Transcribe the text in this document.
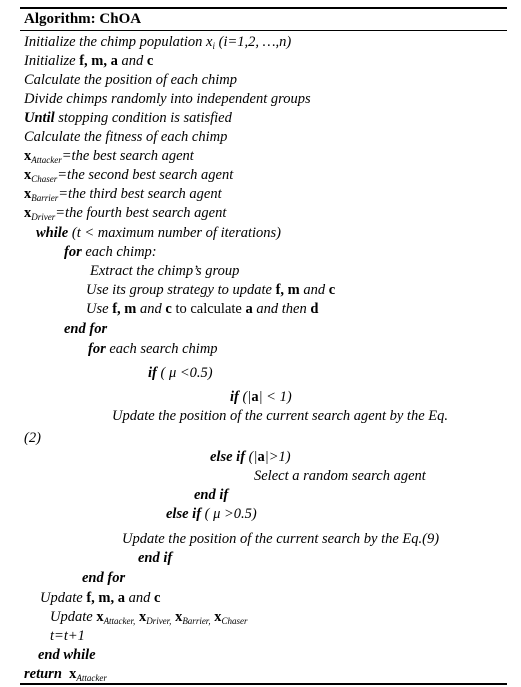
Algorithm: ChOA
Initialize the chimp population $x_i$ (i=1,2, …,n)
Initialize f, m, a and c
Calculate the position of each chimp
Divide chimps randomly into independent groups
Until stopping condition is satisfied
Calculate the fitness of each chimp
$x_{Attacker}=the$ best search agent
$x_{Chaser}=the$ second best search agent
$x_{Barrier}=the$ third best search agent
$x_{Driver}=the$ fourth best search agent
while (t < maximum number of iterations)
for each chimp:
Extract the chimp’s group
Use its group strategy to update f, m and c
Use f, m and c to calculate a and then d
end for
for each search chimp
if ( μ <0.5)
if (|a| < 1)
Update the position of the current search agent by the Eq.
(2)
else if (|a|>1)
Select a random search agent
end if
else if ( μ >0.5)
Update the position of the current search by the Eq.(9)
end if
end for
Update f, m, a and c
Update $x_{Attacker,}$ $x_{Driver,}$ $x_{Barrier,}$ $x_{Chaser}$
t=t+1
end while
return $x_{Attacker}$
